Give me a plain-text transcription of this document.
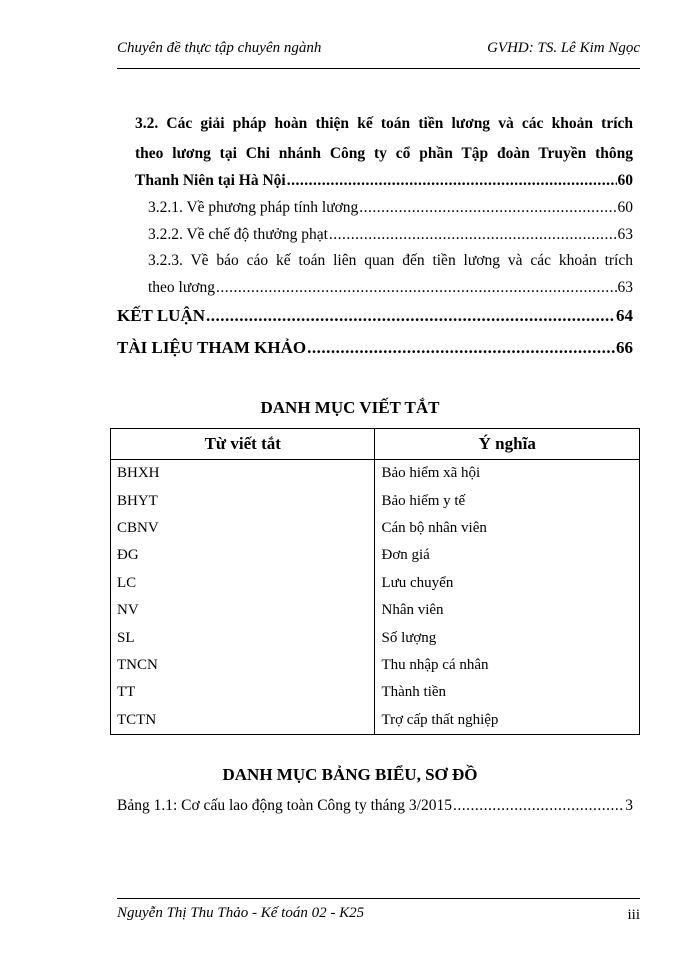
Chuyên đề thực tập chuyên ngành	GVHD: TS. Lê Kim Ngọc
3.2. Các giải pháp hoàn thiện kế toán tiền lương và các khoản trích
theo lương tại Chi nhánh Công ty cổ phần Tập đoàn Truyền thông
Thanh Niên tại Hà Nội .....	60
3.2.1. Về phương pháp tính lương .....	60
3.2.2. Về chế độ thưởng phạt .....	63
3.2.3. Về báo cáo kế toán liên quan đến tiền lương và các khoản trích
theo lương .....	63
KẾT LUẬN .....	64
TÀI LIỆU THAM KHẢO .....	66
DANH MỤC VIẾT TẮT
Từ viết tắt	Ý nghĩa
BHXH	Bảo hiểm xã hội
BHYT	Bảo hiểm y tế
CBNV	Cán bộ nhân viên
ĐG	Đơn giá
LC	Lưu chuyển
NV	Nhân viên
SL	Số lượng
TNCN	Thu nhập cá nhân
TT	Thành tiền
TCTN	Trợ cấp thất nghiệp
DANH MỤC BẢNG BIỂU, SƠ ĐỒ
Bảng 1.1: Cơ cấu lao động toàn Công ty tháng 3/2015 .....	3
Nguyễn Thị Thu Thảo - Kế toán 02 - K25	iii
